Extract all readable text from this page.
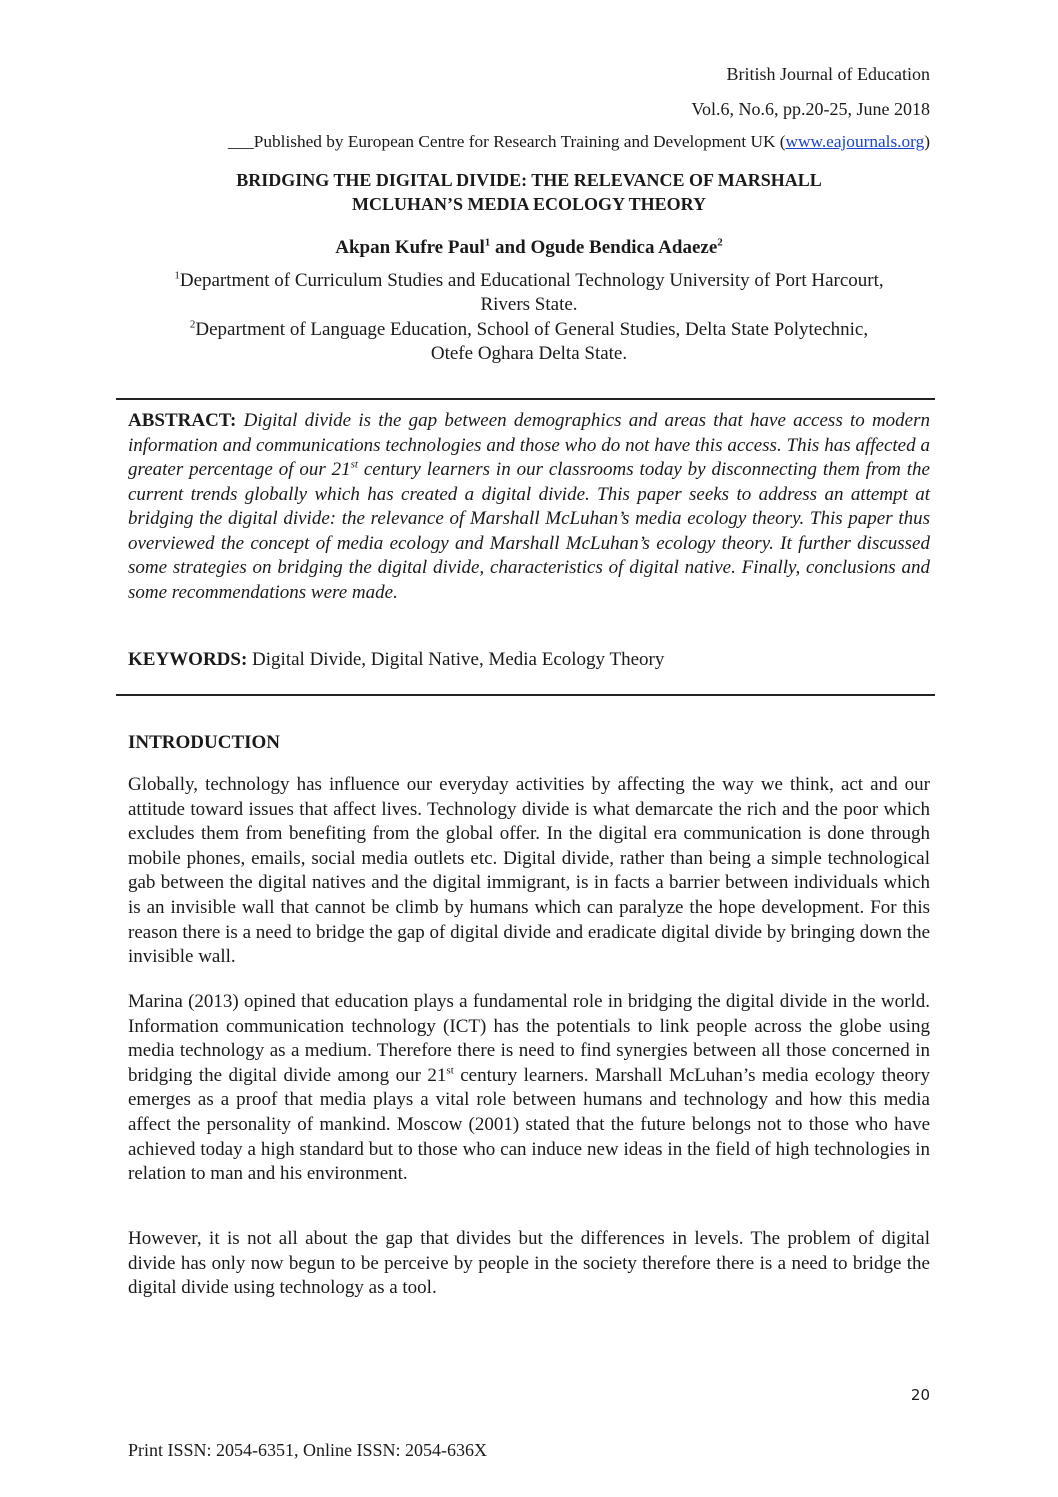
British Journal of Education
Vol.6, No.6, pp.20-25, June 2018
___Published by European Centre for Research Training and Development UK (www.eajournals.org)
BRIDGING THE DIGITAL DIVIDE: THE RELEVANCE OF MARSHALL
MCLUHAN’S MEDIA ECOLOGY THEORY
Akpan Kufre Paul$^1$ and Ogude Bendica Adaeze$^2$
$^1$Department of Curriculum Studies and Educational Technology University of Port Harcourt,
Rivers State.
$^2$Department of Language Education, School of General Studies, Delta State Polytechnic,
Otefe Oghara Delta State.
ABSTRACT: Digital divide is the gap between demographics and areas that have access to modern information and communications technologies and those who do not have this access. This has affected a greater percentage of our 21st century learners in our classrooms today by disconnecting them from the current trends globally which has created a digital divide. This paper seeks to address an attempt at bridging the digital divide: the relevance of Marshall McLuhan’s media ecology theory. This paper thus overviewed the concept of media ecology and Marshall McLuhan’s ecology theory. It further discussed some strategies on bridging the digital divide, characteristics of digital native. Finally, conclusions and some recommendations were made.
KEYWORDS: Digital Divide, Digital Native, Media Ecology Theory
INTRODUCTION
Globally, technology has influence our everyday activities by affecting the way we think, act and our attitude toward issues that affect lives. Technology divide is what demarcate the rich and the poor which excludes them from benefiting from the global offer. In the digital era communication is done through mobile phones, emails, social media outlets etc. Digital divide, rather than being a simple technological gab between the digital natives and the digital immigrant, is in facts a barrier between individuals which is an invisible wall that cannot be climb by humans which can paralyze the hope development. For this reason there is a need to bridge the gap of digital divide and eradicate digital divide by bringing down the invisible wall.
Marina (2013) opined that education plays a fundamental role in bridging the digital divide in the world. Information communication technology (ICT) has the potentials to link people across the globe using media technology as a medium. Therefore there is need to find synergies between all those concerned in bridging the digital divide among our 21st century learners. Marshall McLuhan’s media ecology theory emerges as a proof that media plays a vital role between humans and technology and how this media affect the personality of mankind. Moscow (2001) stated that the future belongs not to those who have achieved today a high standard but to those who can induce new ideas in the field of high technologies in relation to man and his environment.
However, it is not all about the gap that divides but the differences in levels. The problem of digital divide has only now begun to be perceive by people in the society therefore there is a need to bridge the digital divide using technology as a tool.
20
Print ISSN: 2054-6351, Online ISSN: 2054-636X
